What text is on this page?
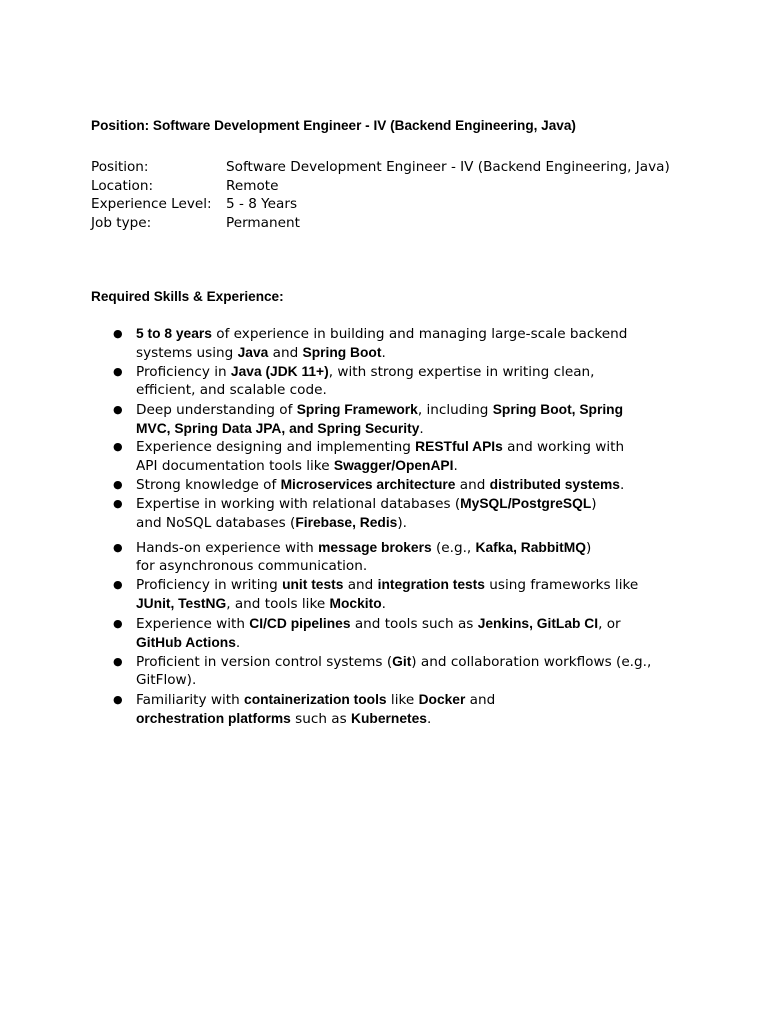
Position: Software Development Engineer - IV (Backend Engineering, Java)
Position:	Software Development Engineer - IV (Backend Engineering, Java)
Location:	Remote
Experience Level:	5 - 8 Years
Job type:	Permanent
Required Skills & Experience:
● 5 to 8 years of experience in building and managing large-scale backend
systems using Java and Spring Boot.
● Proficiency in Java (JDK 11+), with strong expertise in writing clean,
efficient, and scalable code.
● Deep understanding of Spring Framework, including Spring Boot, Spring
MVC, Spring Data JPA, and Spring Security.
● Experience designing and implementing RESTful APIs and working with
API documentation tools like Swagger/OpenAPI.
● Strong knowledge of Microservices architecture and distributed systems.
● Expertise in working with relational databases (MySQL/PostgreSQL)
and NoSQL databases (Firebase, Redis).
● Hands-on experience with message brokers (e.g., Kafka, RabbitMQ)
for asynchronous communication.
● Proficiency in writing unit tests and integration tests using frameworks like
JUnit, TestNG, and tools like Mockito.
● Experience with CI/CD pipelines and tools such as Jenkins, GitLab CI, or
GitHub Actions.
● Proficient in version control systems (Git) and collaboration workflows (e.g.,
GitFlow).
● Familiarity with containerization tools like Docker and
orchestration platforms such as Kubernetes.
